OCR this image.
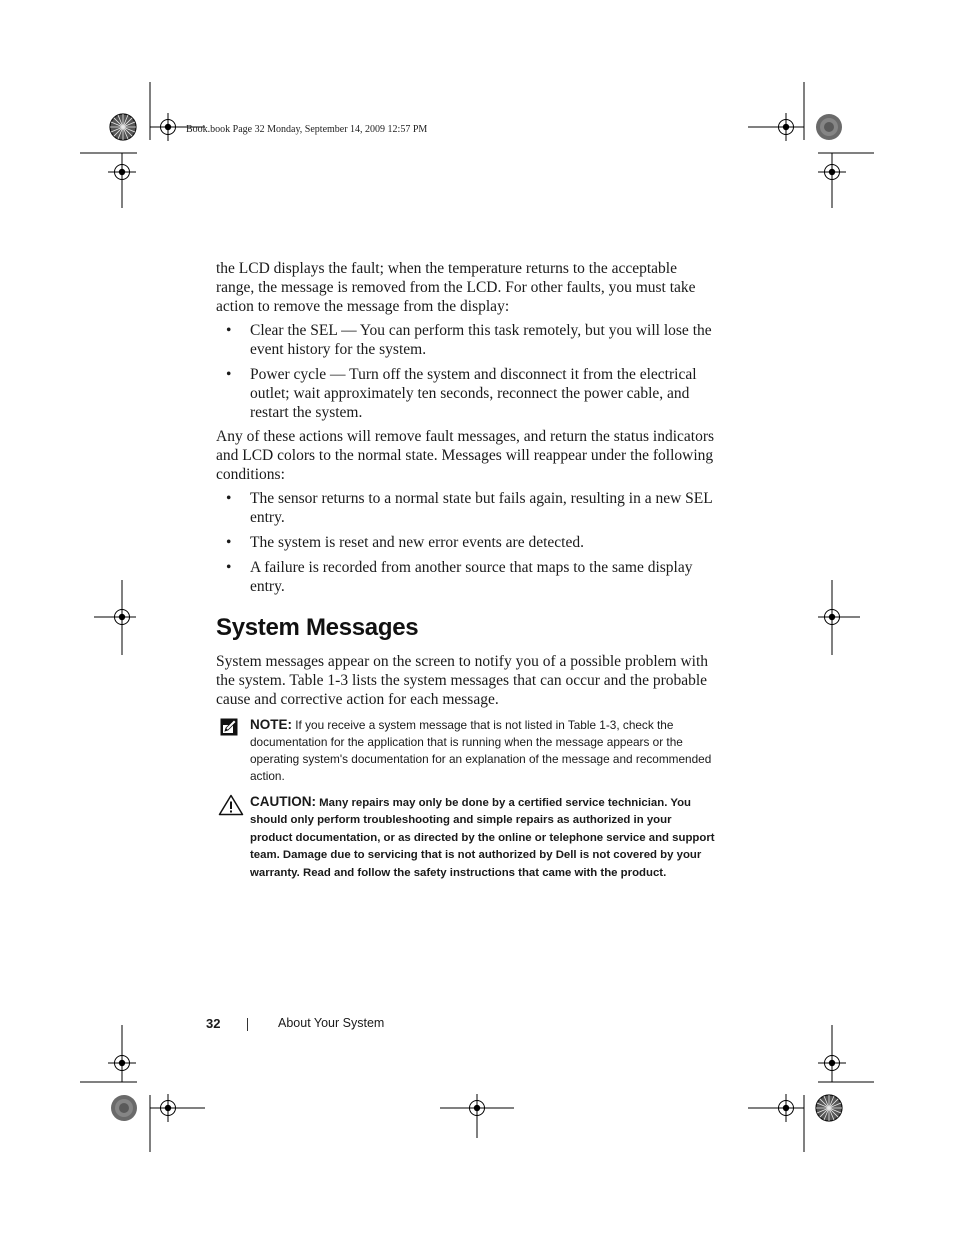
Book.book Page 32 Monday, September 14, 2009 12:57 PM
the LCD displays the fault; when the temperature returns to the acceptable range, the message is removed from the LCD. For other faults, you must take action to remove the message from the display:
• Clear the SEL — You can perform this task remotely, but you will lose the event history for the system.
• Power cycle — Turn off the system and disconnect it from the electrical outlet; wait approximately ten seconds, reconnect the power cable, and restart the system.
Any of these actions will remove fault messages, and return the status indicators and LCD colors to the normal state. Messages will reappear under the following conditions:
• The sensor returns to a normal state but fails again, resulting in a new SEL entry.
• The system is reset and new error events are detected.
• A failure is recorded from another source that maps to the same display entry.
System Messages
System messages appear on the screen to notify you of a possible problem with the system. Table 1-3 lists the system messages that can occur and the probable cause and corrective action for each message.
NOTE: If you receive a system message that is not listed in Table 1-3, check the documentation for the application that is running when the message appears or the operating system's documentation for an explanation of the message and recommended action.
CAUTION: Many repairs may only be done by a certified service technician. You should only perform troubleshooting and simple repairs as authorized in your product documentation, or as directed by the online or telephone service and support team. Damage due to servicing that is not authorized by Dell is not covered by your warranty. Read and follow the safety instructions that came with the product.
32	About Your System
